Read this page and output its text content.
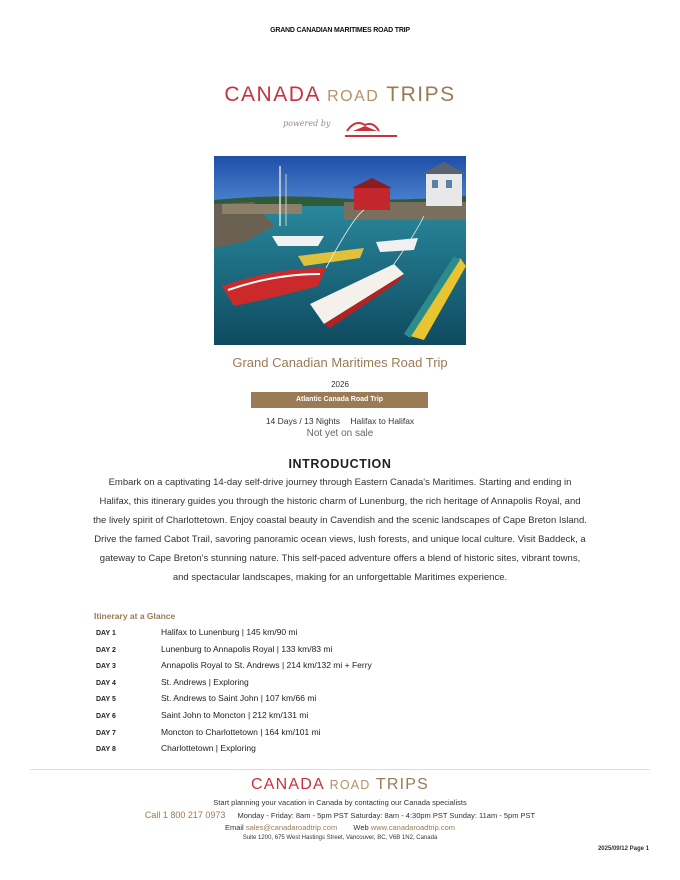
GRAND CANADIAN MARITIMES ROAD TRIP
CANADA ROAD TRIPS
powered by
Grand Canadian Maritimes Road Trip
2026
Atlantic Canada Road Trip
14 Days / 13 Nights Halifax to Halifax
Not yet on sale
INTRODUCTION
Embark on a captivating 14-day self-drive journey through Eastern Canada's Maritimes. Starting and ending in Halifax, this itinerary guides you through the historic charm of Lunenburg, the rich heritage of Annapolis Royal, and the lively spirit of Charlottetown. Enjoy coastal beauty in Cavendish and the scenic landscapes of Cape Breton Island. Drive the famed Cabot Trail, savoring panoramic ocean views, lush forests, and unique local culture. Visit Baddeck, a gateway to Cape Breton's stunning nature. This self-paced adventure offers a blend of historic sites, vibrant towns, and spectacular landscapes, making for an unforgettable Maritimes experience.
Itinerary at a Glance
DAY 1	Halifax to Lunenburg | 145 km/90 mi
DAY 2	Lunenburg to Annapolis Royal | 133 km/83 mi
DAY 3	Annapolis Royal to St. Andrews | 214 km/132 mi + Ferry
DAY 4	St. Andrews | Exploring
DAY 5	St. Andrews to Saint John | 107 km/66 mi
DAY 6	Saint John to Moncton | 212 km/131 mi
DAY 7	Moncton to Charlottetown | 164 km/101 mi
DAY 8	Charlottetown | Exploring
CANADA ROAD TRIPS
Start planning your vacation in Canada by contacting our Canada specialists
Call 1 800 217 0973 Monday - Friday: 8am - 5pm PST Saturday: 8am - 4:30pm PST Sunday: 11am - 5pm PST
Email sales@canadaroadtrip.com Web www.canadaroadtrip.com
Suite 1200, 675 West Hastings Street, Vancouver, BC, V6B 1N2, Canada
2025/09/12 Page 1
